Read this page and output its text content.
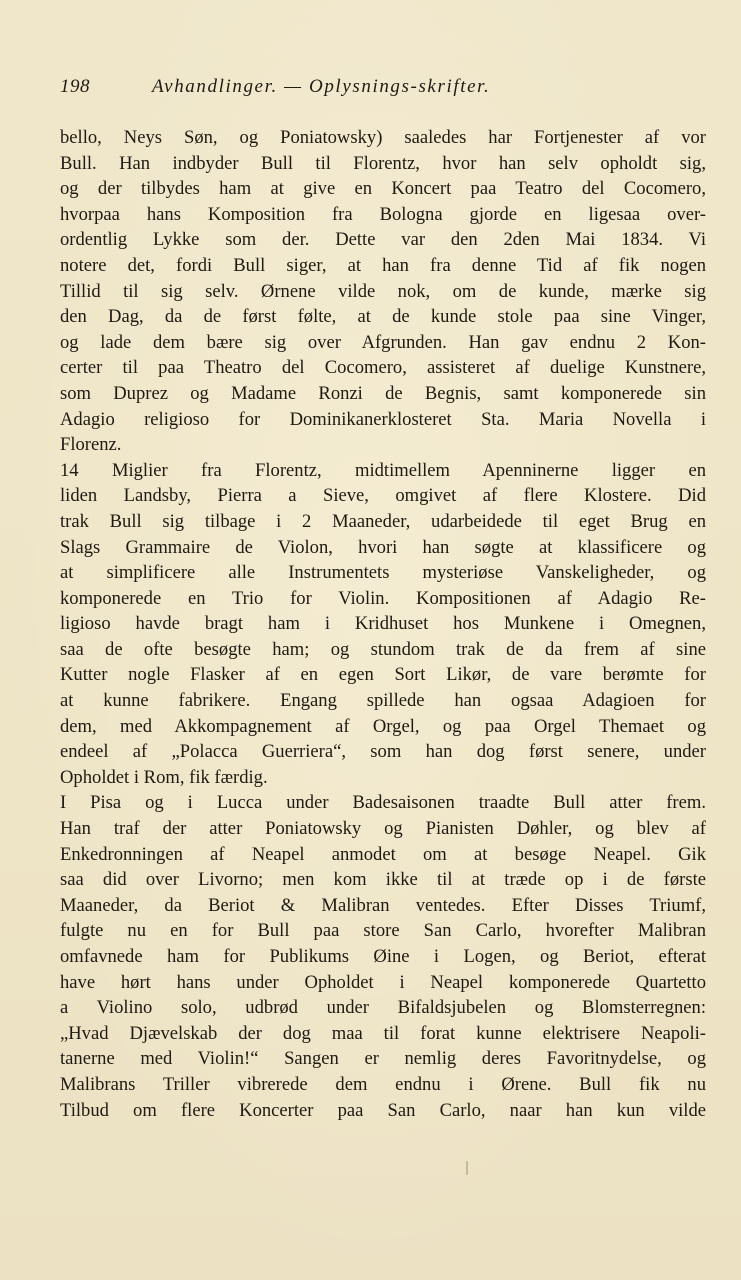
198	Avhandlinger. — Oplysnings-skrifter.
bello, Neys Søn, og Poniatowsky) saaledes har Fortjenester af vor
Bull. Han indbyder Bull til Florentz, hvor han selv opholdt sig,
og der tilbydes ham at give en Koncert paa Teatro del Cocomero,
hvorpaa hans Komposition fra Bologna gjorde en ligesaa over-
ordentlig Lykke som der. Dette var den 2den Mai 1834. Vi
notere det, fordi Bull siger, at han fra denne Tid af fik nogen
Tillid til sig selv. Ørnene vilde nok, om de kunde, mærke sig
den Dag, da de først følte, at de kunde stole paa sine Vinger,
og lade dem bære sig over Afgrunden. Han gav endnu 2 Kon-
certer til paa Theatro del Cocomero, assisteret af duelige Kunstnere,
som Duprez og Madame Ronzi de Begnis, samt komponerede sin
Adagio religioso for Dominikanerklosteret Sta. Maria Novella i
Florenz.
14 Miglier fra Florentz, midtimellem Apenninerne ligger en
liden Landsby, Pierra a Sieve, omgivet af flere Klostere. Did
trak Bull sig tilbage i 2 Maaneder, udarbeidede til eget Brug en
Slags Grammaire de Violon, hvori han søgte at klassificere og
at simplificere alle Instrumentets mysteriøse Vanskeligheder, og
komponerede en Trio for Violin. Kompositionen af Adagio Re-
ligioso havde bragt ham i Kridhuset hos Munkene i Omegnen,
saa de ofte besøgte ham; og stundom trak de da frem af sine
Kutter nogle Flasker af en egen Sort Likør, de vare berømte for
at kunne fabrikere. Engang spillede han ogsaa Adagioen for
dem, med Akkompagnement af Orgel, og paa Orgel Themaet og
endeel af „Polacca Guerriera“, som han dog først senere, under
Opholdet i Rom, fik færdig.
I Pisa og i Lucca under Badesaisonen traadte Bull atter frem.
Han traf der atter Poniatowsky og Pianisten Døhler, og blev af
Enkedronningen af Neapel anmodet om at besøge Neapel. Gik
saa did over Livorno; men kom ikke til at træde op i de første
Maaneder, da Beriot & Malibran ventedes. Efter Disses Triumf,
fulgte nu en for Bull paa store San Carlo, hvorefter Malibran
omfavnede ham for Publikums Øine i Logen, og Beriot, efterat
have hørt hans under Opholdet i Neapel komponerede Quartetto
a Violino solo, udbrød under Bifaldsjubelen og Blomsterregnen:
„Hvad Djævelskab der dog maa til forat kunne elektrisere Neapoli-
tanerne med Violin!“ Sangen er nemlig deres Favoritnydelse, og
Malibrans Triller vibrerede dem endnu i Ørene. Bull fik nu
Tilbud om flere Koncerter paa San Carlo, naar han kun vilde
